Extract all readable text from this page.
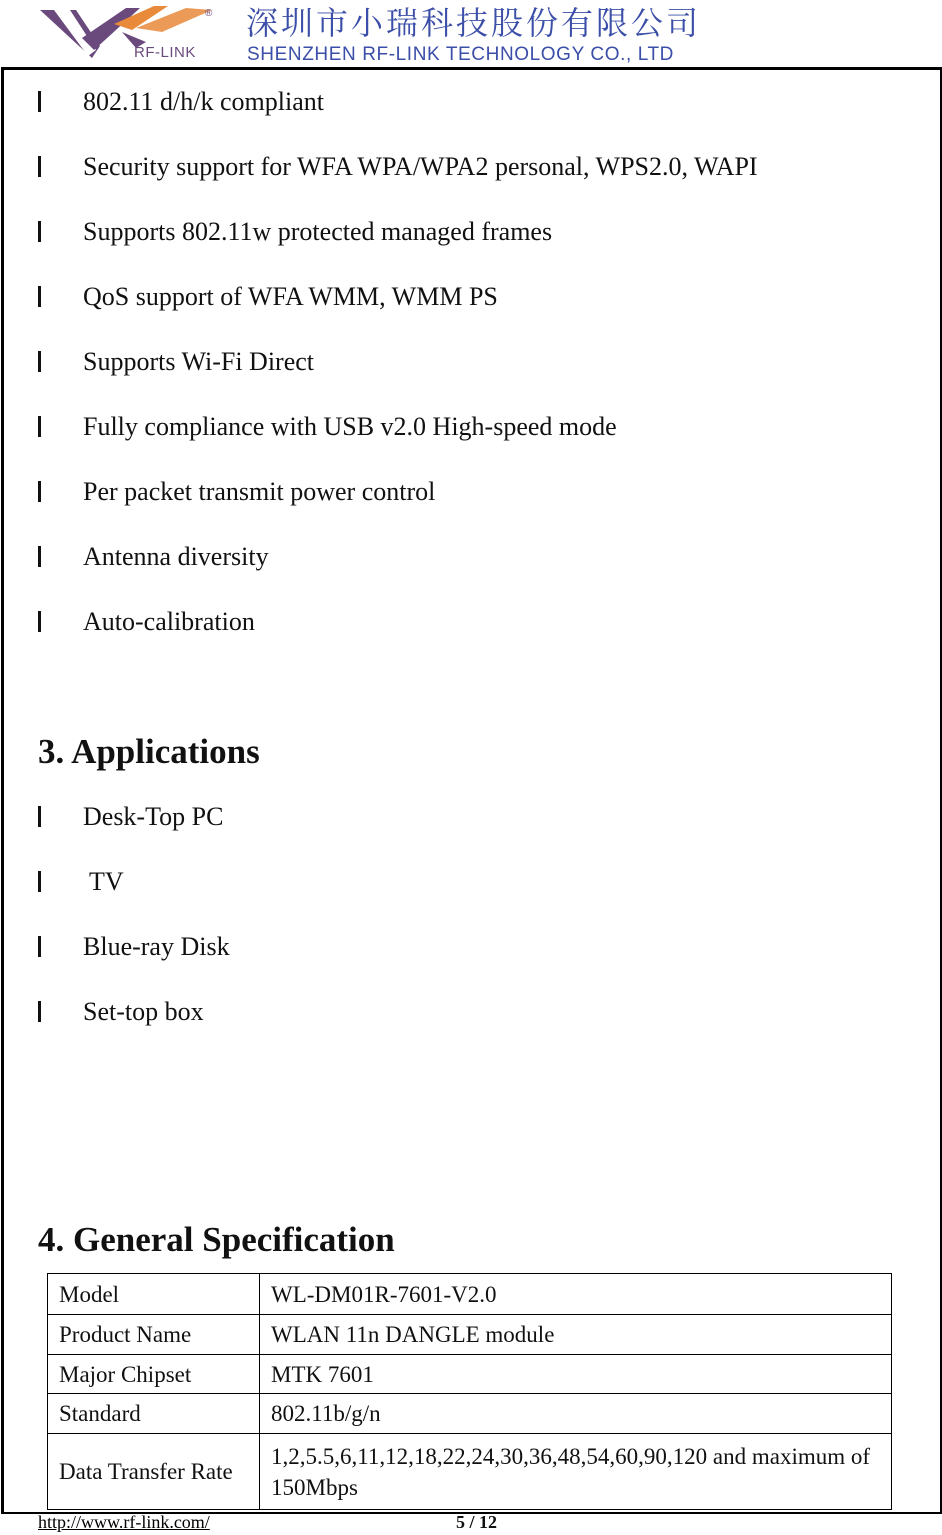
RF-LINK
® 深圳市小瑞科技股份有限公司
SHENZHEN RF-LINK TECHNOLOGY CO., LTD
802.11 d/h/k compliant
Security support for WFA WPA/WPA2 personal, WPS2.0, WAPI
Supports 802.11w protected managed frames
QoS support of WFA WMM, WMM PS
Supports Wi-Fi Direct
Fully compliance with USB v2.0 High-speed mode
Per packet transmit power control
Antenna diversity
Auto-calibration
3. Applications
Desk-Top PC
TV
Blue-ray Disk
Set-top box
4. General Specification
Model	WL-DM01R-7601-V2.0
Product Name	WLAN 11n DANGLE module
Major Chipset	MTK 7601
Standard	802.11b/g/n
Data Transfer Rate	1,2,5.5,6,11,12,18,22,24,30,36,48,54,60,90,120 and maximum of 150Mbps
http://www.rf-link.com/	5 / 12
